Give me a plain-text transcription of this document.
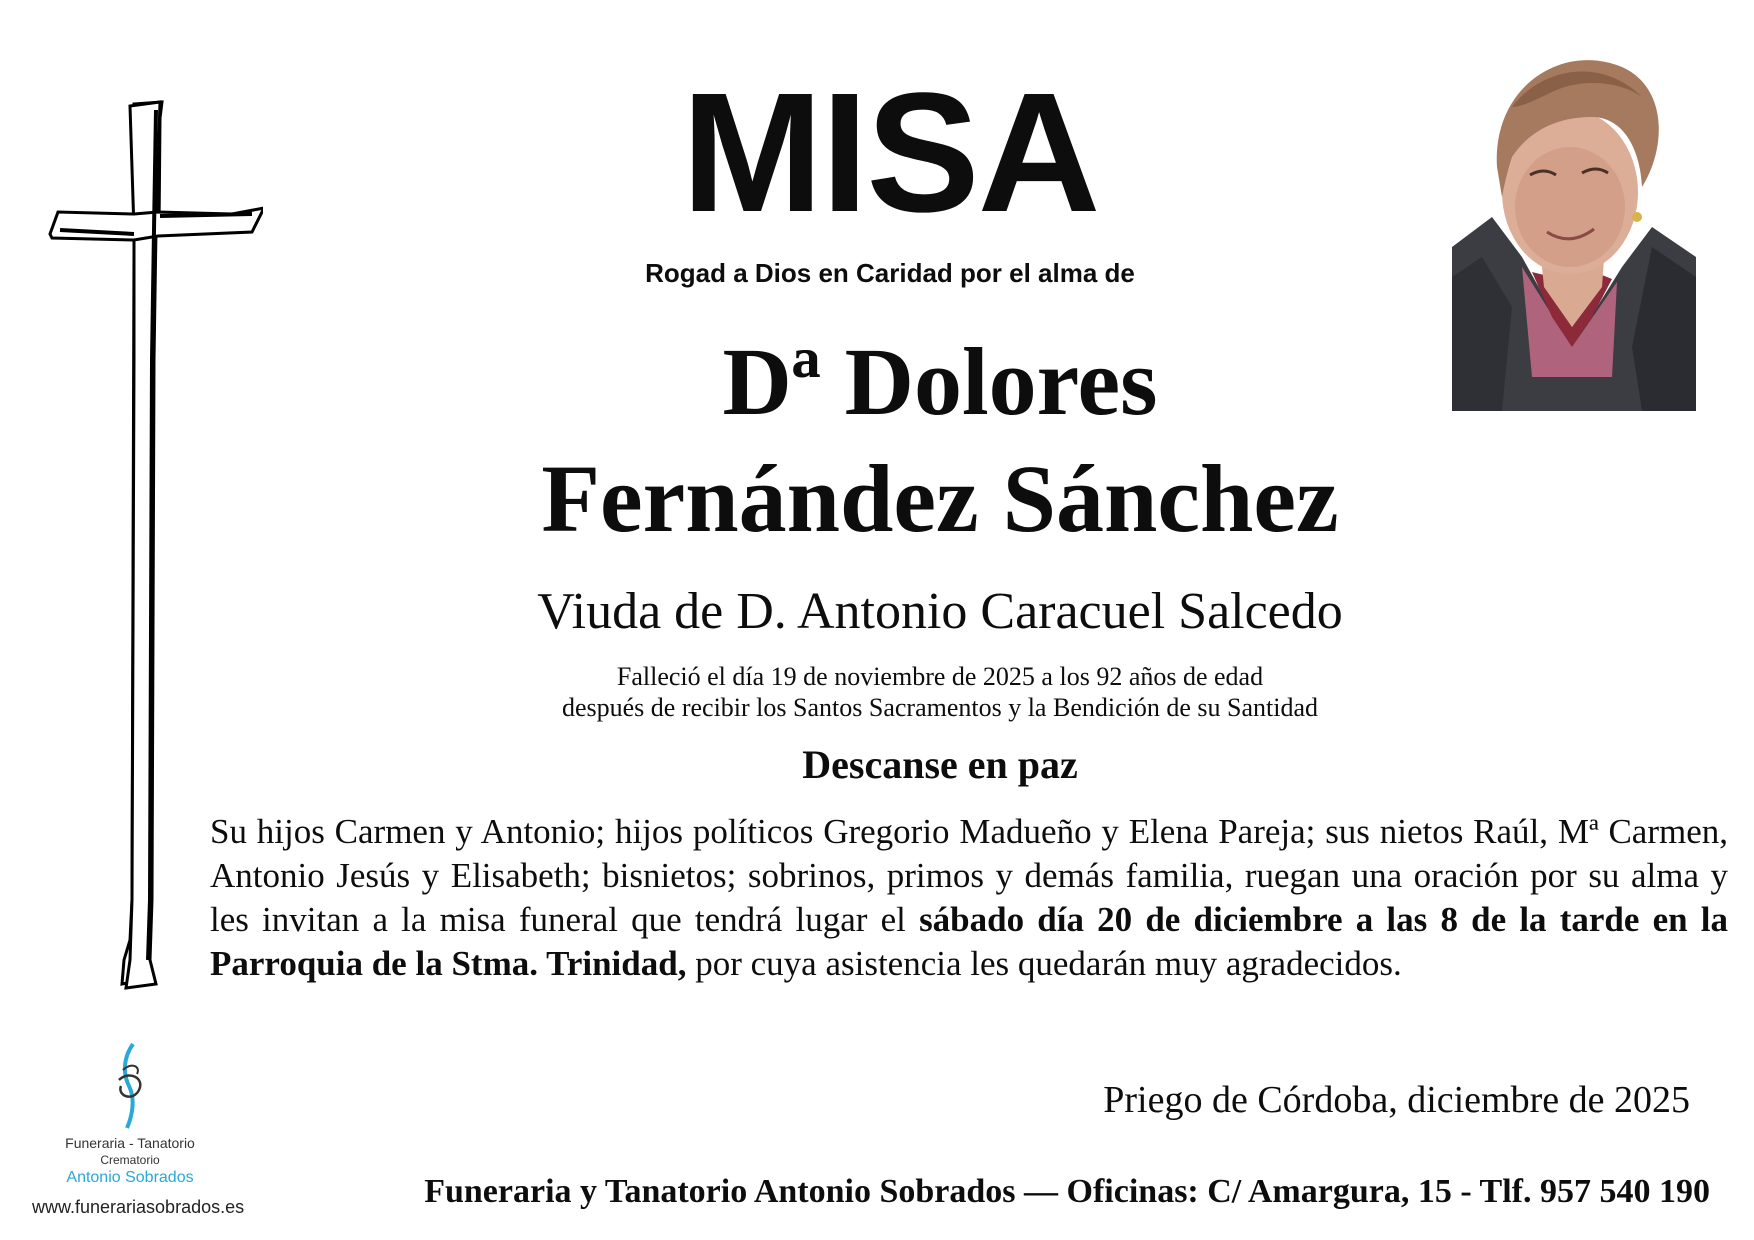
MISA
Rogad a Dios en Caridad por el alma de
Dª Dolores
Fernández Sánchez
Viuda de D. Antonio Caracuel Salcedo
Falleció el día 19 de noviembre de 2025 a los 92 años de edad
después de recibir los Santos Sacramentos y la Bendición de su Santidad
Descanse en paz
Su hijos Carmen y Antonio; hijos políticos Gregorio Madueño y Elena Pareja; sus nietos Raúl, Mª Carmen, Antonio Jesús y Elisabeth; bisnietos; sobrinos, primos y demás familia, ruegan una oración por su alma y les invitan a la misa funeral que tendrá lugar el sábado día 20 de diciembre a las 8 de la tarde en la Parroquia de la Stma. Trinidad, por cuya asistencia les quedarán muy agradecidos.
Priego de Córdoba, diciembre de 2025
Funeraria y Tanatorio Antonio Sobrados — Oficinas: C/ Amargura, 15 - Tlf. 957 540 190
Funeraria - Tanatorio
Crematorio
Antonio Sobrados
www.funerariasobrados.es
